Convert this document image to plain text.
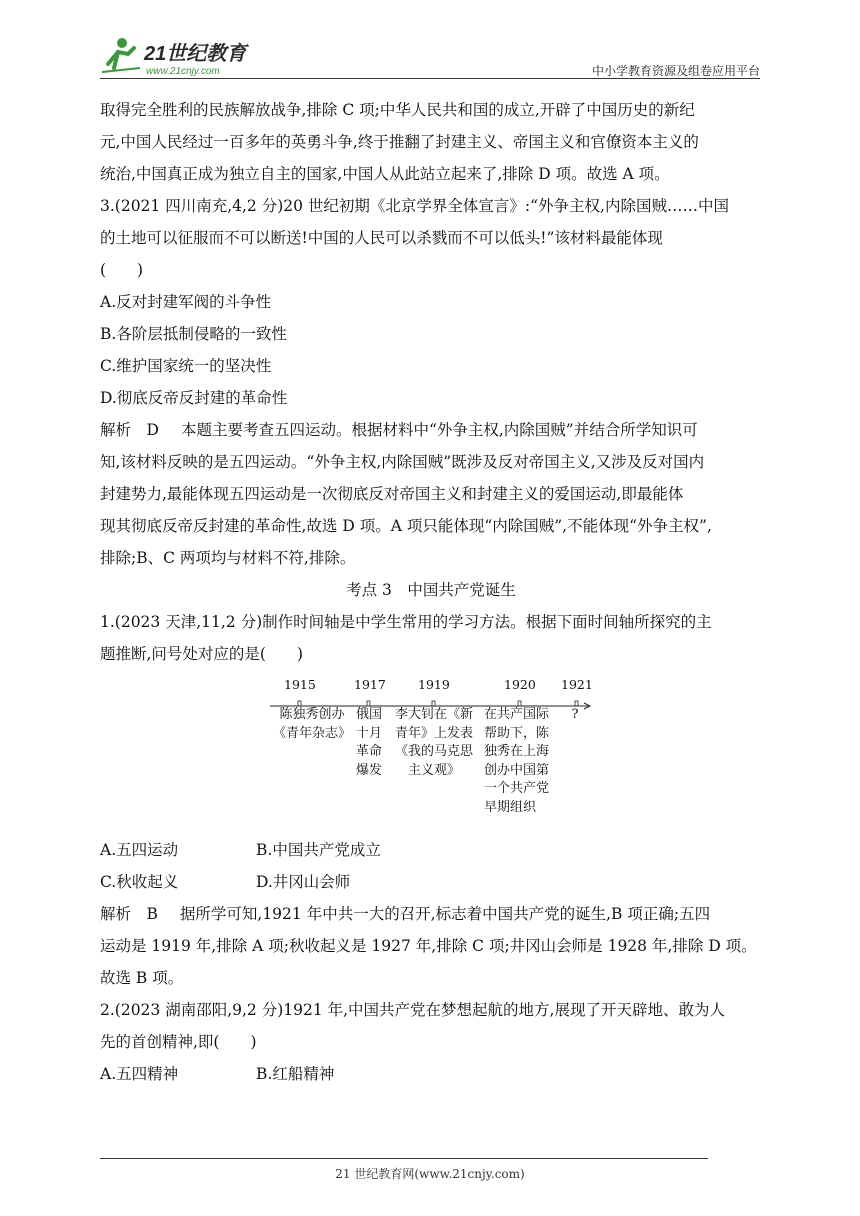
21世纪教育
www.21cnjy.com	中小学教育资源及组卷应用平台

取得完全胜利的民族解放战争,排除 C 项;中华人民共和国的成立,开辟了中国历史的新纪
元,中国人民经过一百多年的英勇斗争,终于推翻了封建主义、帝国主义和官僚资本主义的
统治,中国真正成为独立自主的国家,中国人从此站立起来了,排除 D 项。故选 A 项。

3.(2021 四川南充,4,2 分)20 世纪初期《北京学界全体宣言》:“外争主权,内除国贼……中国
的土地可以征服而不可以断送!中国的人民可以杀戮而不可以低头!”该材料最能体现
(　　)
A.反对封建军阀的斗争性
B.各阶层抵制侵略的一致性
C.维护国家统一的坚决性
D.彻底反帝反封建的革命性
解析　D 本题主要考查五四运动。根据材料中“外争主权,内除国贼”并结合所学知识可
知,该材料反映的是五四运动。“外争主权,内除国贼”既涉及反对帝国主义,又涉及反对国内
封建势力,最能体现五四运动是一次彻底反对帝国主义和封建主义的爱国运动,即最能体
现其彻底反帝反封建的革命性,故选 D 项。A 项只能体现“内除国贼”,不能体现“外争主权”,
排除;B、C 两项均与材料不符,排除。

考点 3　中国共产党诞生

1.(2023 天津,11,2 分)制作时间轴是中学生常用的学习方法。根据下面时间轴所探究的主
题推断,问号处对应的是(　　)
1915	1917	1919	1920 1921
陈独秀创办
《青年杂志》
俄国
十月
革命
爆发
李大钊在《新
青年》上发表
《我的马克思
主义观》
在共产国际
帮助下，陈
独秀在上海
创办中国第
一个共产党
早期组织
?
A.五四运动	B.中国共产党成立
C.秋收起义	D.井冈山会师
解析　B 据所学可知,1921 年中共一大的召开,标志着中国共产党的诞生,B 项正确;五四
运动是 1919 年,排除 A 项;秋收起义是 1927 年,排除 C 项;井冈山会师是 1928 年,排除 D 项。
故选 B 项。
2.(2023 湖南邵阳,9,2 分)1921 年,中国共产党在梦想起航的地方,展现了开天辟地、敢为人
先的首创精神,即(　　)
A.五四精神	B.红船精神
21 世纪教育网(www.21cnjy.com)
